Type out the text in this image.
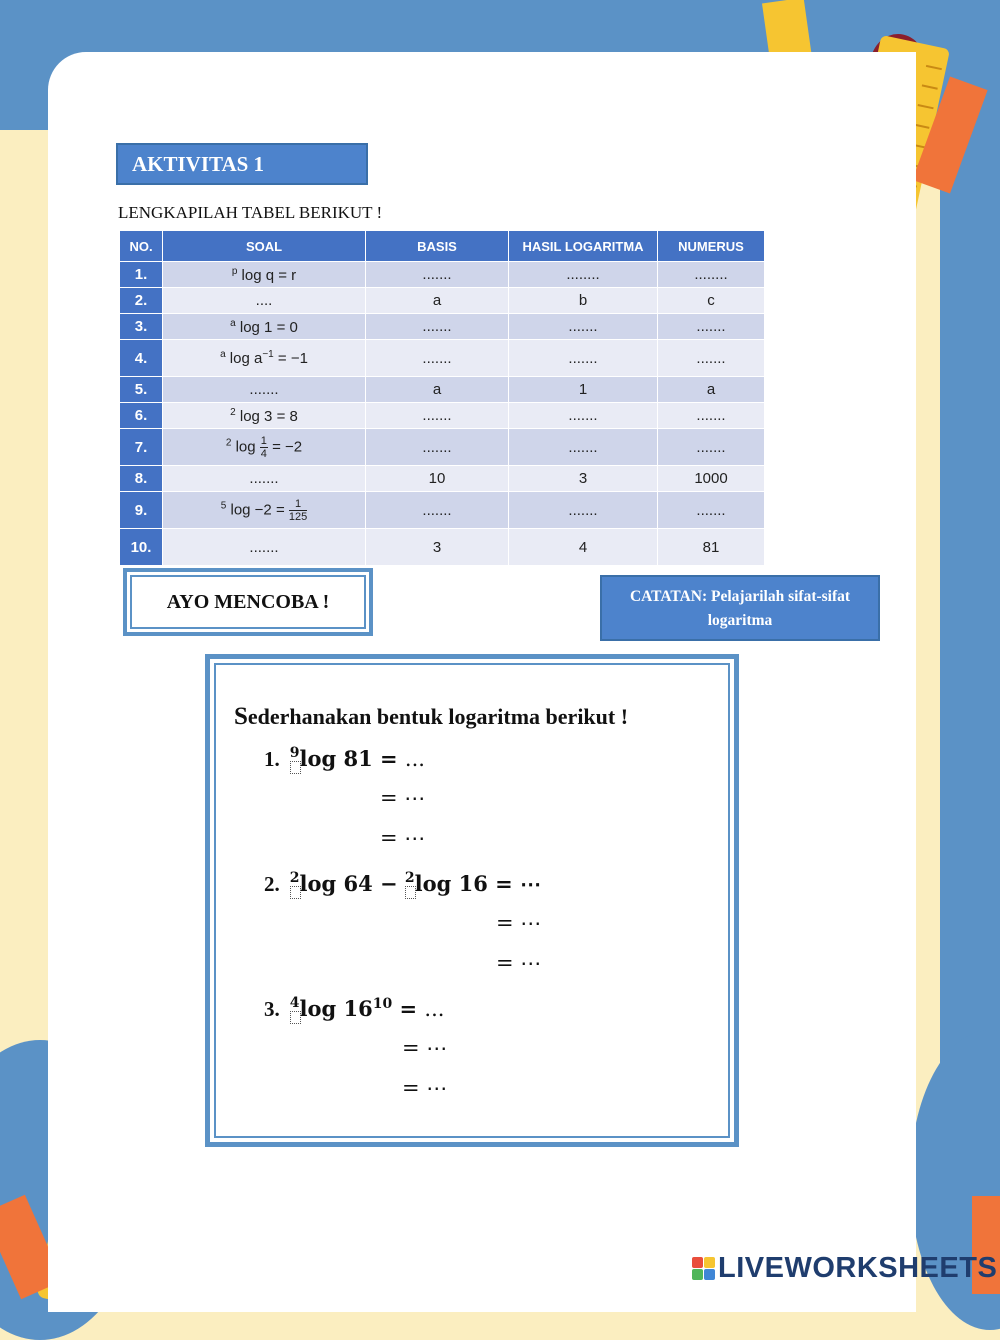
AKTIVITAS 1
LENGKAPILAH TABEL BERIKUT !
NO.	SOAL	BASIS	HASIL LOGARITMA	NUMERUS
1.	$^p$ log q = r	.......	........	........
2.	....	a	b	c
3.	$^a$ log 1 = 0	.......	.......	.......
4.	$^a$ $\log a^{-1} = -1$	.......	.......	.......
5.	.......	a	1	a
6.	$^2$ log 3 = 8	.......	.......	.......
7.	$^2$ $\log \frac{1}{4} = -2$	.......	.......	.......
8.	.......	10	3	1000
9.	$^5$ $\log -2 = \frac{1}{125}$	.......	.......	.......
10.	.......	3	4	81
AYO MENCOBA !	CATATAN: Pelajarilah sifat-sifat logaritma
Sederhanakan bentuk logaritma berikut !
1. $^9$log 81 = ...
= ⋯
= ⋯
2. $^2$log 64 − $^2$log 16 = ⋯
= ⋯
= ⋯
3. $^4$log $16^{10}$ = ...
= ⋯
= ⋯
LIVEWORKSHEETS
